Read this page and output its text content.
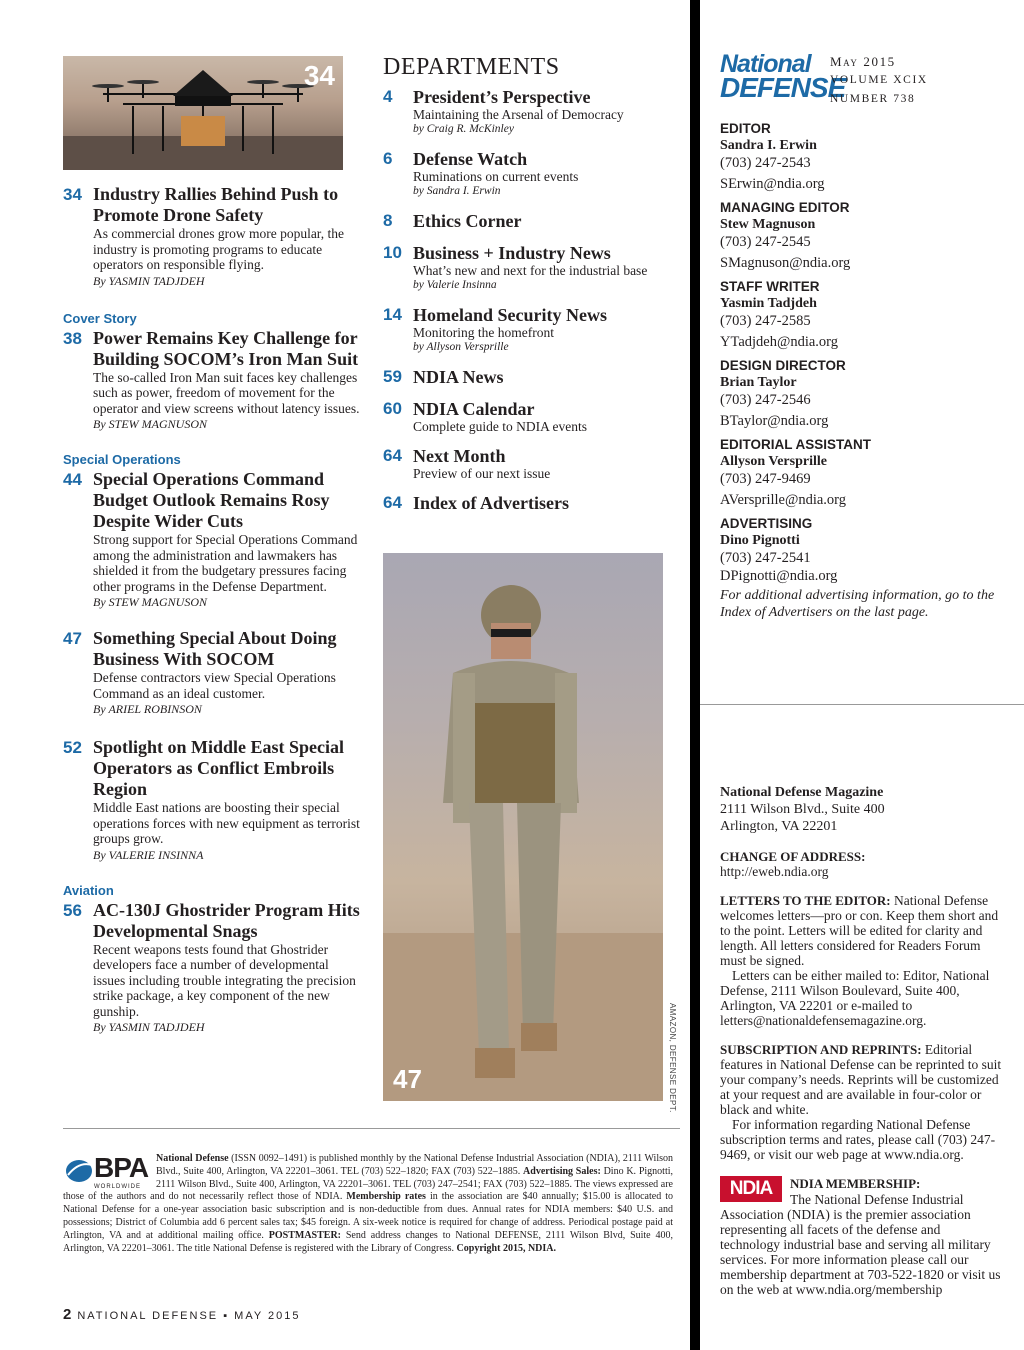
34
34 Industry Rallies Behind Push to Promote Drone Safety

As commercial drones grow more popular, the industry is promoting programs to educate operators on responsible flying.

By YASMIN TADJDEH

Cover Story
38 Power Remains Key Challenge for Building SOCOM’s Iron Man Suit

The so-called Iron Man suit faces key challenges such as power, freedom of movement for the operator and view screens without latency issues.

By STEW MAGNUSON

Special Operations
44 Special Operations Command Budget Outlook Remains Rosy Despite Wider Cuts

Strong support for Special Operations Command among the administration and lawmakers has shielded it from the budgetary pressures facing other programs in the Defense Department.

By STEW MAGNUSON

47 Something Special About Doing Business With SOCOM

Defense contractors view Special Operations Command as an ideal customer.

By ARIEL ROBINSON

52 Spotlight on Middle East Special Operators as Conflict Embroils Region

Middle East nations are boosting their special operations forces with new equipment as terrorist groups grow.

By VALERIE INSINNA

Aviation
56 AC-130J Ghostrider Program Hits Developmental Snags

Recent weapons tests found that Ghostrider developers face a number of developmental issues including trouble integrating the precision strike package, a key component of the new gunship.

By YASMIN TADJDEH

DEPARTMENTS
4	President’s Perspective

Maintaining the Arsenal of Democracy

by Craig R. McKinley

6	Defense Watch

Ruminations on current events

by Sandra I. Erwin

8	Ethics Corner
10 Business + Industry News

What’s new and next for the industrial base

by Valerie Insinna

14 Homeland Security News

Monitoring the homefront

by Allyson Versprille

59 NDIA News
60 NDIA Calendar

Complete guide to NDIA events

64 Next Month

Preview of our next issue

64 Index of Advertisers
47	AMAZON, DEFENSE DEPT.
National
DEFENSE
May 2015
VOLUME XCIX
NUMBER 738
EDITOR
Sandra I. Erwin
(703) 247-2543
SErwin@ndia.org
MANAGING EDITOR
Stew Magnuson
(703) 247-2545
SMagnuson@ndia.org
STAFF WRITER
Yasmin Tadjdeh
(703) 247-2585
YTadjdeh@ndia.org
DESIGN DIRECTOR
Brian Taylor
(703) 247-2546
BTaylor@ndia.org
EDITORIAL ASSISTANT
Allyson Versprille
(703) 247-9469
AVersprille@ndia.org
ADVERTISING
Dino Pignotti
(703) 247-2541
DPignotti@ndia.org

For additional advertising information, go to the Index of Advertisers on the last page.

National Defense Magazine
2111 Wilson Blvd., Suite 400
Arlington, VA 22201
CHANGE OF ADDRESS:
http://eweb.ndia.org

LETTERS TO THE EDITOR: National Defense welcomes letters—pro or con. Keep them short and to the point. Letters will be edited for clarity and length. All letters considered for Readers Forum must be signed.

Letters can be either mailed to: Editor, National Defense, 2111 Wilson Boulevard, Suite 400, Arlington, VA 22201 or e-mailed to letters@nationaldefensemagazine.org.

SUBSCRIPTION AND REPRINTS: Editorial features in National Defense can be reprinted to suit your company’s needs. Reprints will be customized at your request and are available in four-color or black and white.

For information regarding National Defense subscription terms and rates, please call (703) 247-9469, or visit our web page at www.ndia.org.

NDIA	NDIA MEMBERSHIP:

The National Defense Industrial Association (NDIA) is the premier association representing all facets of the defense and technology industrial base and serving all military services. For more information please call our membership department at 703-522-1820 or visit us on the web at www.ndia.org/membership

BPA
WORLDWIDE
National Defense (ISSN 0092–1491) is published monthly by the National Defense Industrial Association (NDIA), 2111 Wilson Blvd., Suite 400, Arlington, VA 22201–3061. TEL (703) 522–1820; FAX (703) 522–1885. Advertising Sales: Dino K. Pignotti, 2111 Wilson Blvd., Suite 400, Arlington, VA 22201–3061. TEL (703) 247–2541; FAX (703) 522–1885. The views expressed are those of the authors and do not necessarily reflect those of NDIA. Membership rates in the association are $40 annually; $15.00 is allocated to National Defense for a one-year association basic subscription and is non-deductible from dues. Annual rates for NDIA members: $40 U.S. and possessions; District of Columbia add 6 percent sales tax; $45 foreign. A six-week notice is required for change of address. Periodical postage paid at Arlington, VA and at additional mailing office. POSTMASTER: Send address changes to National DEFENSE, 2111 Wilson Blvd, Suite 400, Arlington, VA 22201–3061. The title National Defense is registered with the Library of Congress. Copyright 2015, NDIA.
2 NATIONAL DEFENSE ▪ MAY 2015
